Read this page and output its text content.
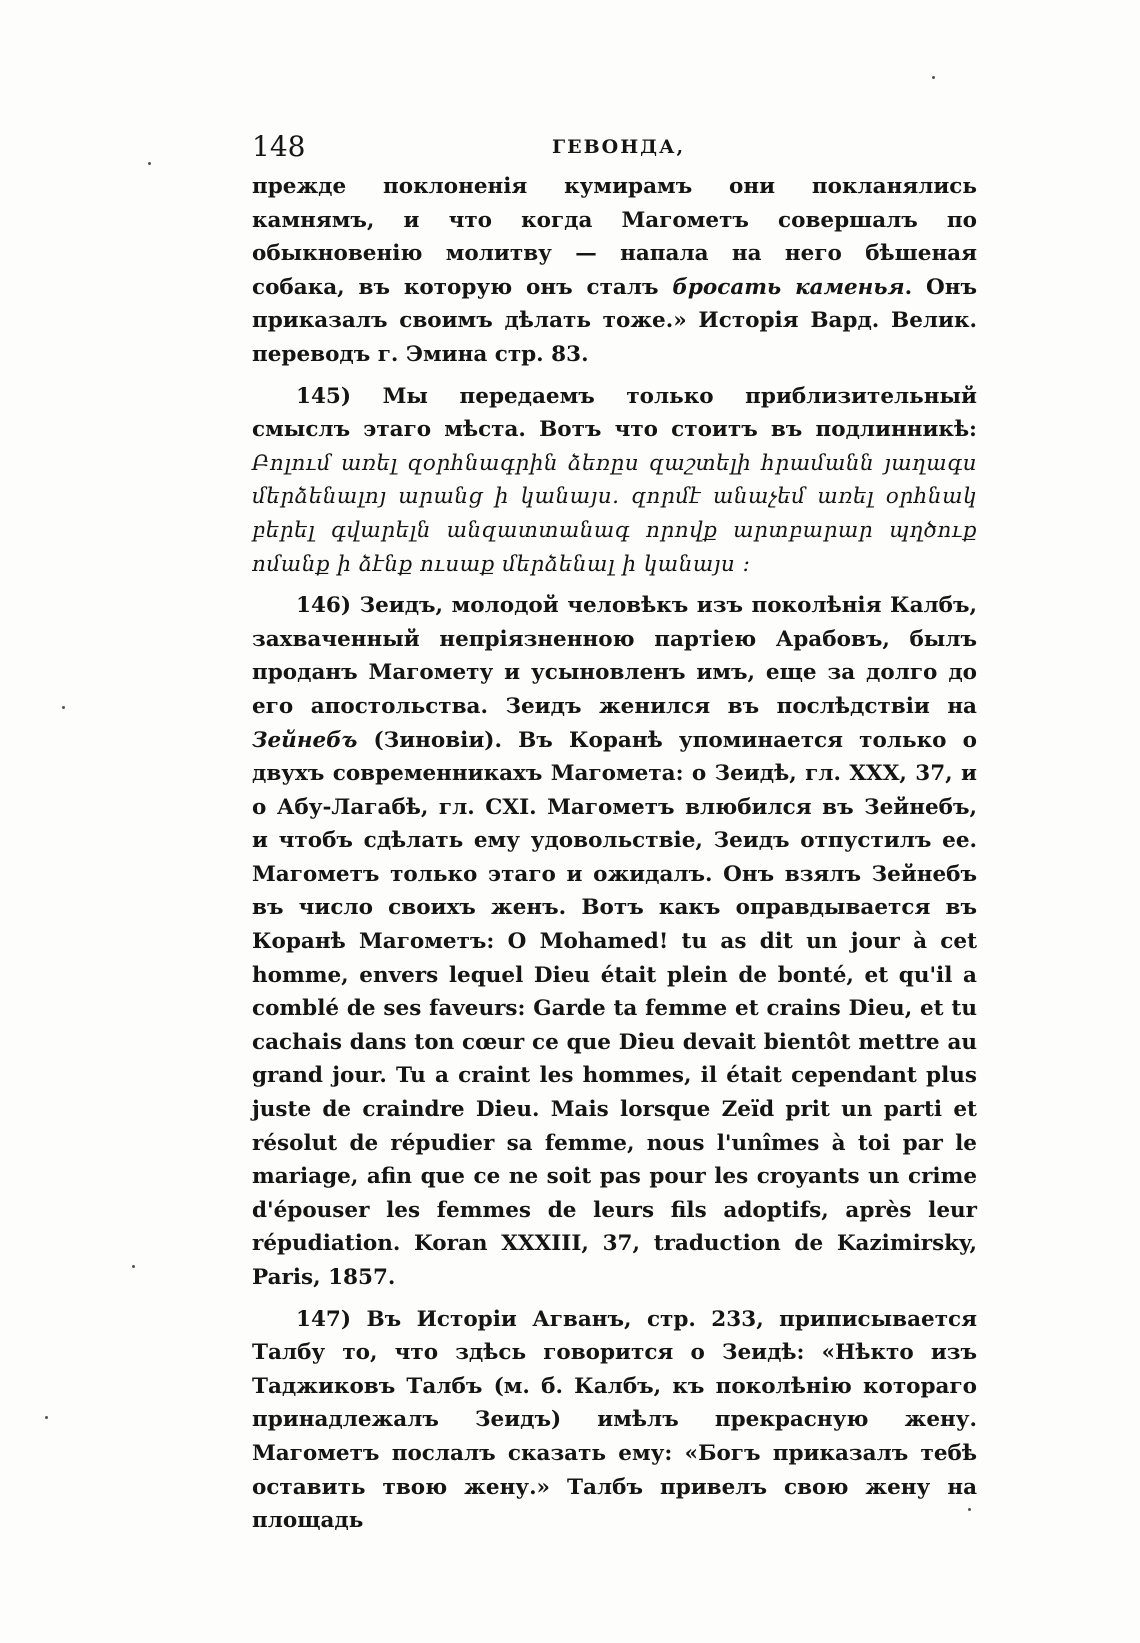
148	ГЕВОНДА,

прежде поклоненія кумирамъ они покланялись камнямъ, и что когда Магометъ совершалъ по обыкновенію молитву — напала на него бѣшеная собака, въ которую онъ сталъ бросать каменья. Онъ приказалъ своимъ дѣлать тоже.» Исторія Вард. Велик. переводъ г. Эмина стр. 83.

145) Мы передаемъ только приблизительный смыслъ этаго мѣста. Вотъ что стоитъ въ подлинникѣ: Բոլում առել զօրհնագրին ձեռըս զաշտելի հրամանն յաղագս մերձենալոյ արանց ի կանայս. զորմէ անաչեմ առել օրհնակ բերել գվարելն անզատտանագ որովք արտբարար պղծուք ոմանք ի ձէնք ուսաք մերձենալ ի կանայս ։

146) Зеидъ, молодой человѣкъ изъ поколѣнія Калбъ, захваченный непріязненною партіею Арабовъ, былъ проданъ Магомету и усыновленъ имъ, еще за долго до его апостольства. Зеидъ женился въ послѣдствіи на Зейнебъ (Зиновіи). Въ Коранѣ упоминается только о двухъ современникахъ Магомета: о Зеидѣ, гл. XXX, 37, и о Абу-Лагабѣ, гл. CXI. Магометъ влюбился въ Зейнебъ, и чтобъ сдѣлать ему удовольствіе, Зеидъ отпустилъ ее. Магометъ только этаго и ожидалъ. Онъ взялъ Зейнебъ въ число своихъ женъ. Вотъ какъ оправдывается въ Коранѣ Магометъ: O Mohamed! tu as dit un jour à cet homme, envers lequel Dieu était plein de bonté, et qu'il a comblé de ses faveurs: Garde ta femme et crains Dieu, et tu cachais dans ton cœur ce que Dieu devait bientôt mettre au grand jour. Tu a craint les hommes, il était cependant plus juste de craindre Dieu. Mais lorsque Zeïd prit un parti et résolut de répudier sa femme, nous l'unîmes à toi par le mariage, afin que ce ne soit pas pour les croyants un crime d'épouser les femmes de leurs fils adoptifs, après leur répudiation. Koran XXXIII, 37, traduction de Kazimirsky, Paris, 1857.

147) Въ Исторіи Агванъ, стр. 233, приписывается Талбу то, что здѣсь говорится о Зеидѣ: «Нѣкто изъ Таджиковъ Талбъ (м. б. Калбъ, къ поколѣнію котораго принадлежалъ Зеидъ) имѣлъ прекрасную жену. Магометъ послалъ сказать ему: «Богъ приказалъ тебѣ оставить твою жену.» Талбъ привелъ свою жену на площадь
